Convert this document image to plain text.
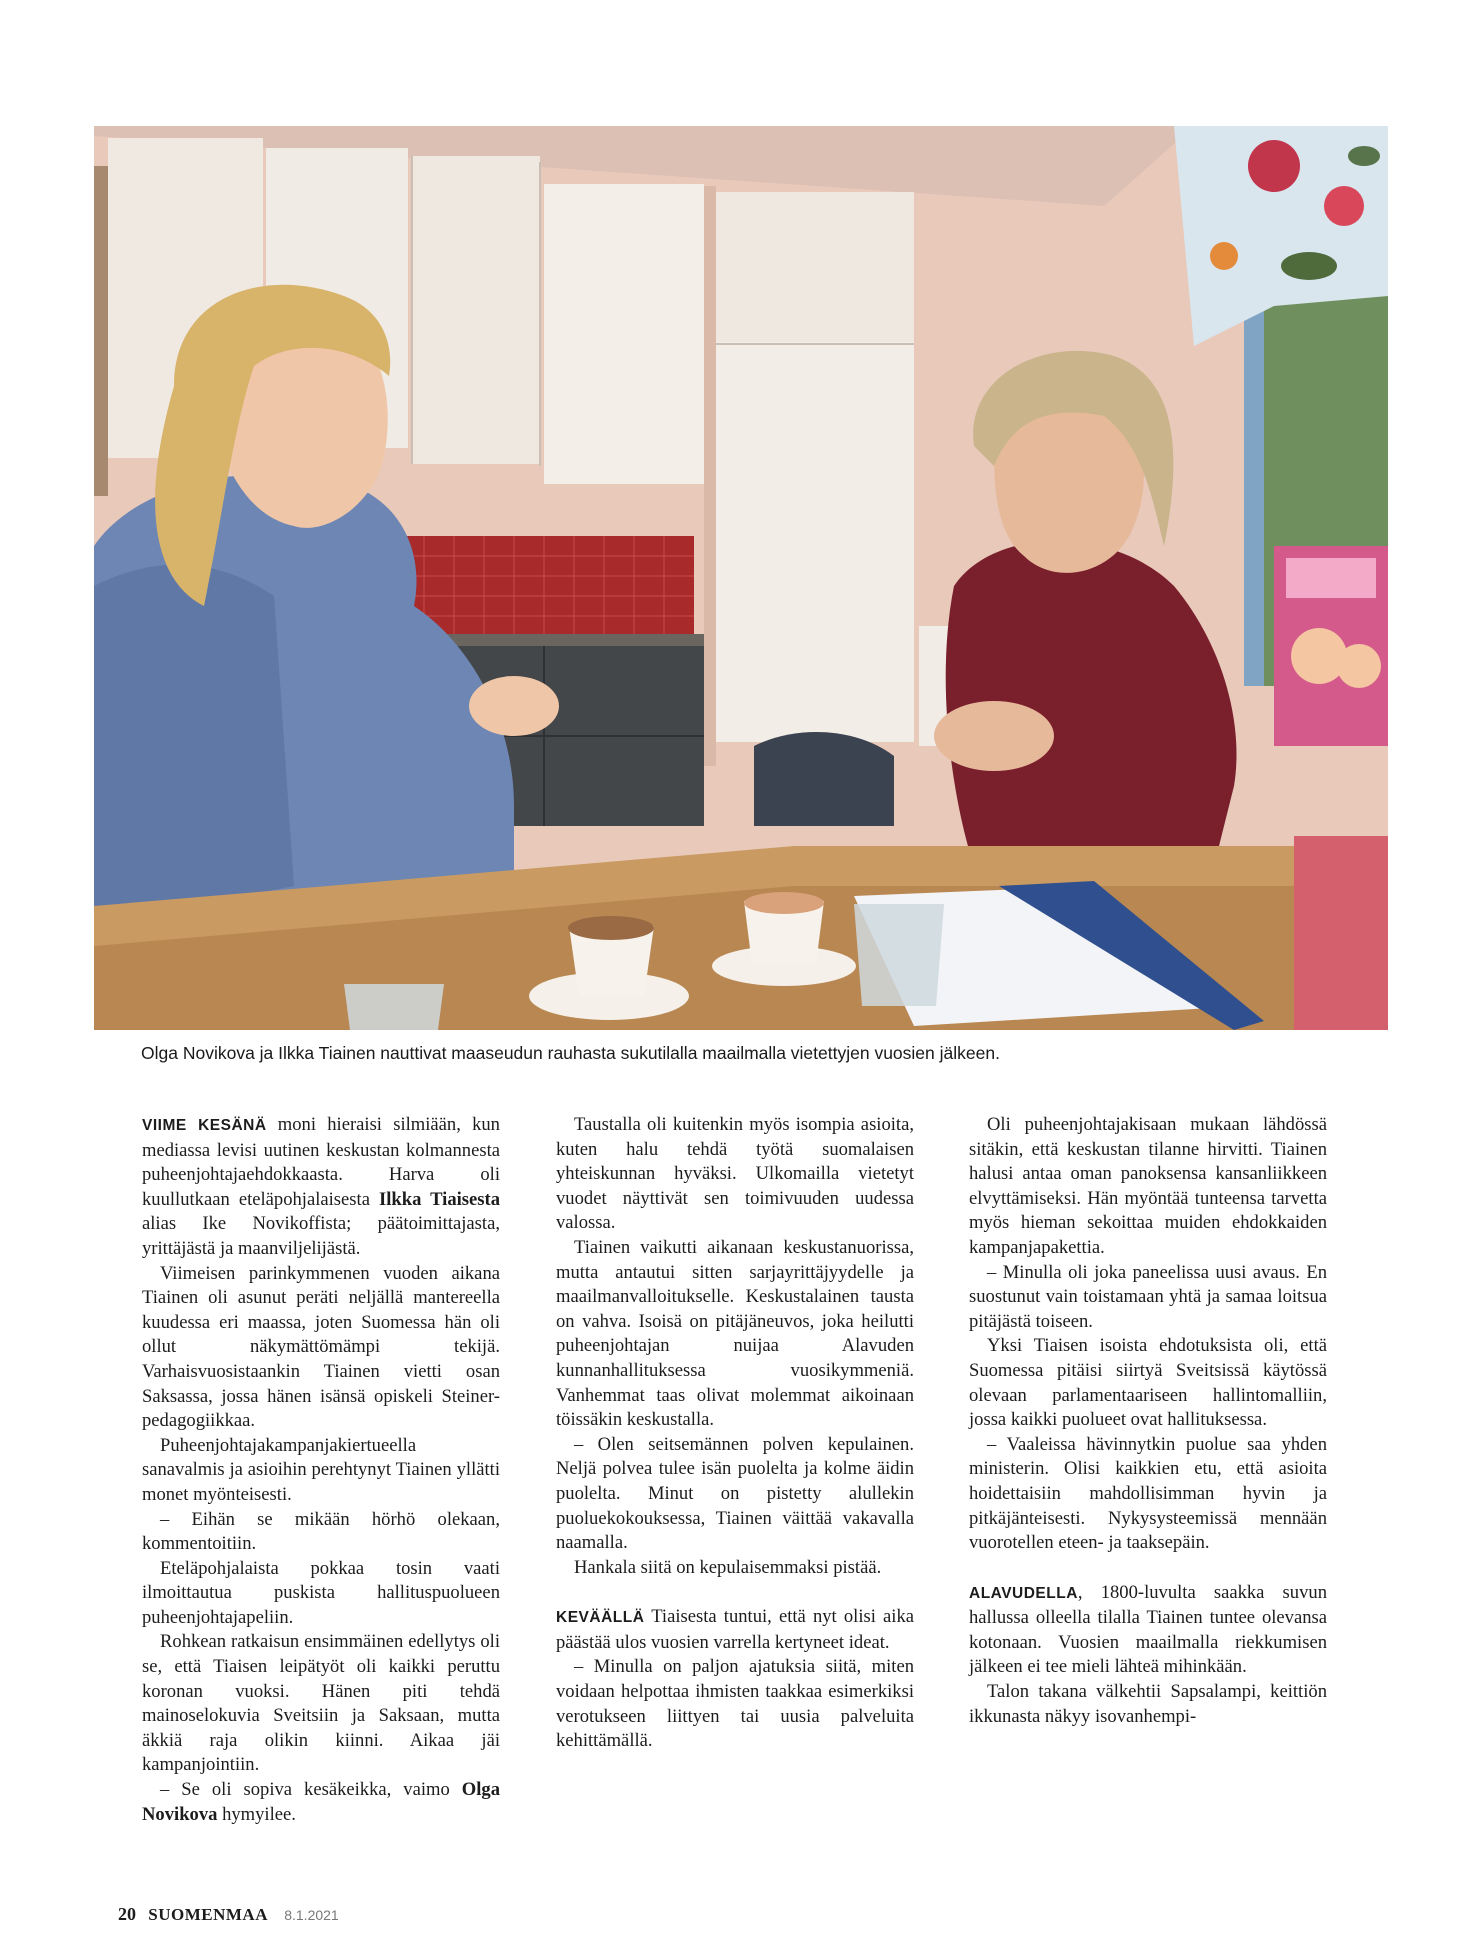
Olga Novikova ja Ilkka Tiainen nauttivat maaseudun rauhasta sukutilalla maailmalla vietettyjen vuosien jälkeen.

VIIME KESÄNÄ moni hieraisi silmiään, kun mediassa levisi uutinen keskustan kolmannesta puheenjohtajaehdokkaasta. Harva oli kuullutkaan eteläpohjalaisesta Ilkka Tiaisesta alias Ike Novikoffista; päätoimittajasta, yrittäjästä ja maanviljelijästä.

Viimeisen parinkymmenen vuoden aikana Tiainen oli asunut peräti neljällä mantereella kuudessa eri maassa, joten Suomessa hän oli ollut näkymättömämpi tekijä. Varhaisvuosistaankin Tiainen vietti osan Saksassa, jossa hänen isänsä opiskeli Steiner-pedagogiikkaa.

Puheenjohtajakampanjakiertueella sanavalmis ja asioihin perehtynyt Tiainen yllätti monet myönteisesti.

– Eihän se mikään hörhö olekaan, kommentoitiin.

Eteläpohjalaista pokkaa tosin vaati ilmoittautua puskista hallituspuolueen puheenjohtajapeliin.

Rohkean ratkaisun ensimmäinen edellytys oli se, että Tiaisen leipätyöt oli kaikki peruttu koronan vuoksi. Hänen piti tehdä mainoselokuvia Sveitsiin ja Saksaan, mutta äkkiä raja olikin kiinni. Aikaa jäi kampanjointiin.

– Se oli sopiva kesäkeikka, vaimo Olga Novikova hymyilee.

Taustalla oli kuitenkin myös isompia asioita, kuten halu tehdä työtä suomalaisen yhteiskunnan hyväksi. Ulkomailla vietetyt vuodet näyttivät sen toimivuuden uudessa valossa.

Tiainen vaikutti aikanaan keskustanuorissa, mutta antautui sitten sarjayrittäjyydelle ja maailmanvalloitukselle. Keskustalainen tausta on vahva. Isoisä on pitäjäneuvos, joka heilutti puheenjohtajan nuijaa Alavuden kunnanhallituksessa vuosikymmeniä. Vanhemmat taas olivat molemmat aikoinaan töissäkin keskustalla.

– Olen seitsemännen polven kepulainen. Neljä polvea tulee isän puolelta ja kolme äidin puolelta. Minut on pistetty alullekin puoluekokouksessa, Tiainen väittää vakavalla naamalla.

Hankala siitä on kepulaisemmaksi pistää.

KEVÄÄLLÄ Tiaisesta tuntui, että nyt olisi aika päästää ulos vuosien varrella kertyneet ideat.

– Minulla on paljon ajatuksia siitä, miten voidaan helpottaa ihmisten taakkaa esimerkiksi verotukseen liittyen tai uusia palveluita kehittämällä.

Oli puheenjohtajakisaan mukaan lähdössä sitäkin, että keskustan tilanne hirvitti. Tiainen halusi antaa oman panoksensa kansanliikkeen elvyttämiseksi. Hän myöntää tunteensa tarvetta myös hieman sekoittaa muiden ehdokkaiden kampanjapakettia.

– Minulla oli joka paneelissa uusi avaus. En suostunut vain toistamaan yhtä ja samaa loitsua pitäjästä toiseen.

Yksi Tiaisen isoista ehdotuksista oli, että Suomessa pitäisi siirtyä Sveitsissä käytössä olevaan parlamentaariseen hallintomalliin, jossa kaikki puolueet ovat hallituksessa.

– Vaaleissa hävinnytkin puolue saa yhden ministerin. Olisi kaikkien etu, että asioita hoidettaisiin mahdollisimman hyvin ja pitkäjänteisesti. Nykysysteemissä mennään vuorotellen eteen- ja taaksepäin.

ALAVUDELLA, 1800-luvulta saakka suvun hallussa olleella tilalla Tiainen tuntee olevansa kotonaan. Vuosien maailmalla riekkumisen jälkeen ei tee mieli lähteä mihinkään.

Talon takana välkehtii Sapsalampi, keittiön ikkunasta näkyy isovanhempi-

20 SUOMENMAA 8.1.2021
